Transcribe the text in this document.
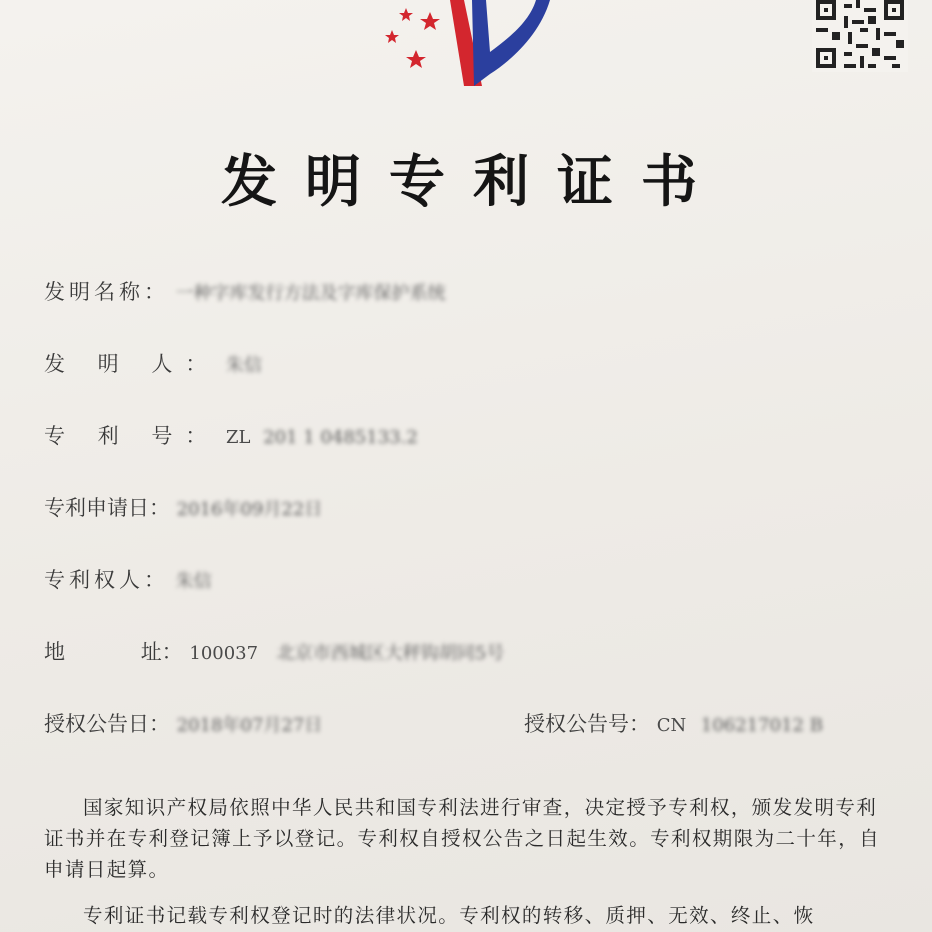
发明专利证书
发明名称： 一种字库发行方法及字库保护系统
发 明 人： 朱信
专 利 号： ZL 201 1 0485133.2
专利申请日： 2016年09月22日
专利权人： 朱信
地	址： 100037 北京市西城区大秤钩胡同5号
授权公告日： 2018年07月27日	授权公告号： CN 106217012 B
国家知识产权局依照中华人民共和国专利法进行审查，决定授予专利权，颁发发明专利证书并在专利登记簿上予以登记。专利权自授权公告之日起生效。专利权期限为二十年，自申请日起算。
专利证书记载专利权登记时的法律状况。专利权的转移、质押、无效、终止、恢
